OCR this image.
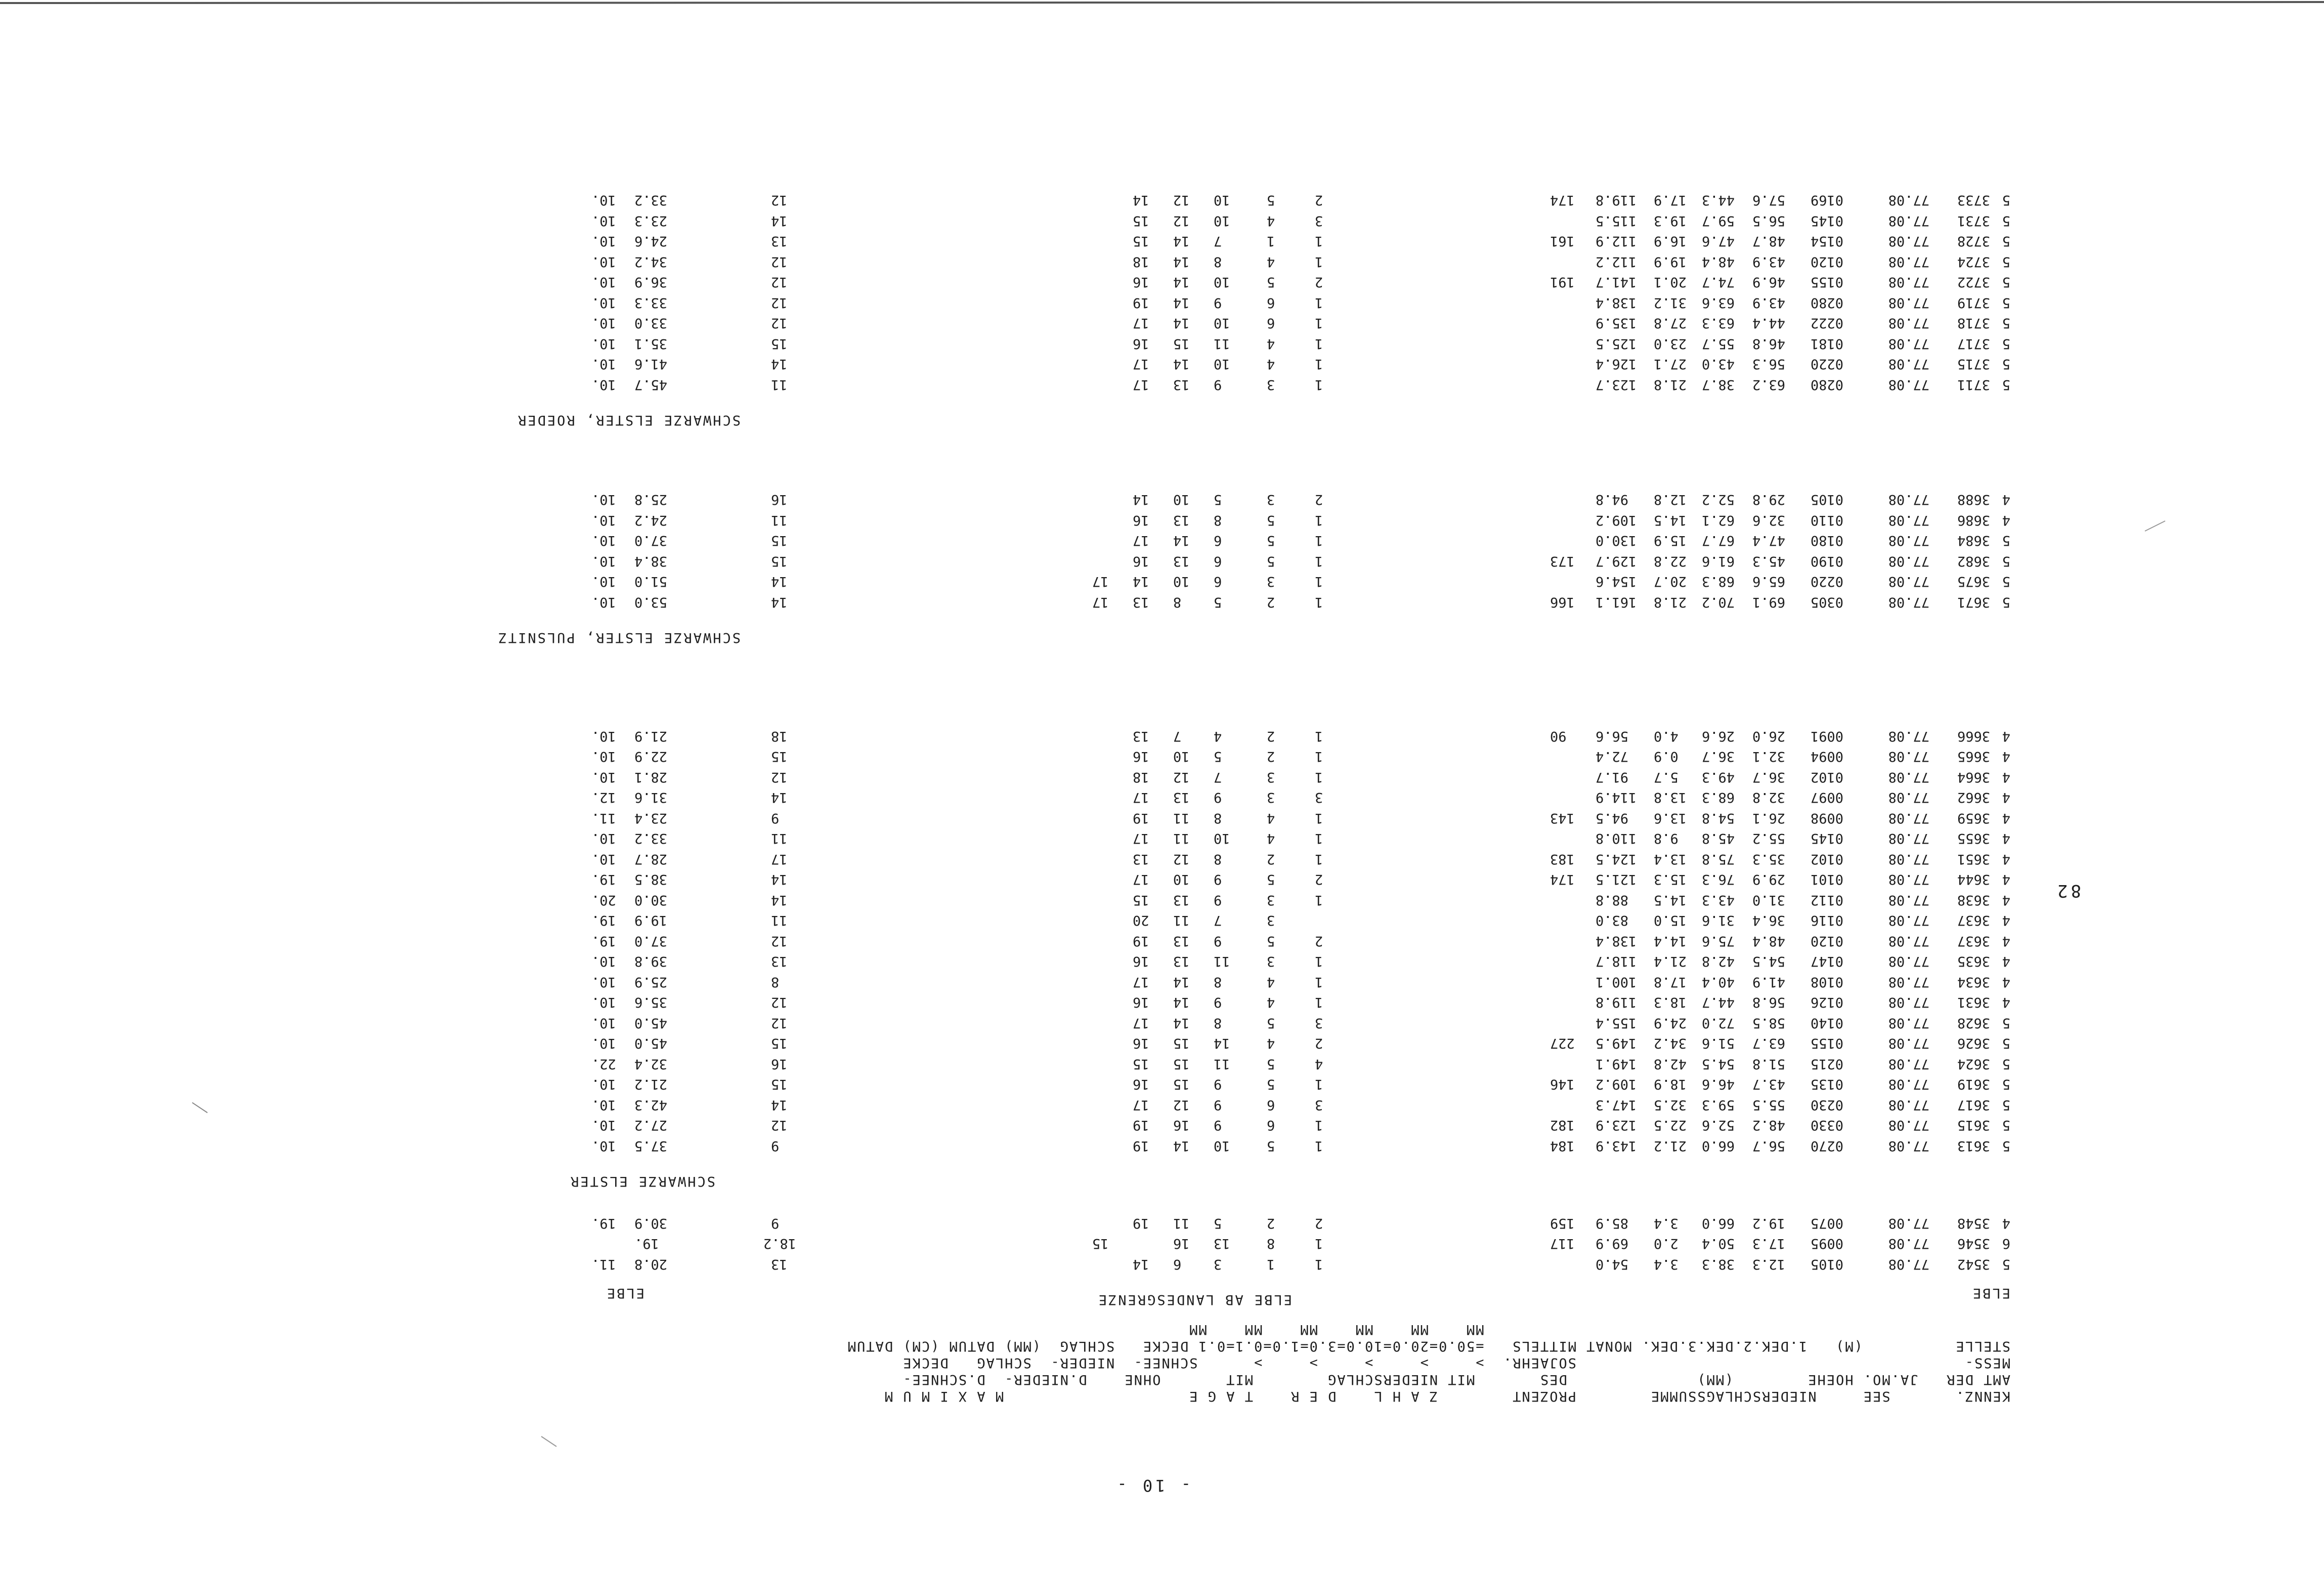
- 10 -
KENNZ.       SEE     NIEDERSCHLAGSSUMME        PROZENT        Z A H L    D E R    T A G E                    M A X I M U M
AMT DER   JA.MO. HOEHE        (MM)              DES       MIT NIEDERSCHLAG        MIT       OHNE    D.NIEDER-  D.SCHNEE-
MESS-                                          SOJAEHR.  >     >     >     >     >      SCHNEE-  NIEDER-  SCHLAG   DECKE
STELLE          (M)   1.DEK.2.DEK.3.DEK. MONAT MITTELS   =50.0=20.0=10.0=3.0=1.0=0.1=0.1 DECKE   SCHLAG  (MM) DATUM (CM) DATUM
MM    MM    MM    MM    MM    MM
ELBE
ELBE	ELBE AB LANDESGRENZE
5
3542
77.08
0105
12.3
38.3
3.4
54.0
1
1
3
6
14
13
20.8
11.
6
3546
77.08
0095
17.3
50.4
2.0
69.9
117
1
8
13
16
15
18.2
19.
4
3548
77.08
0075
19.2
66.0
3.4
85.9
159
2
2
5
11
19
9
30.9
19.
SCHWARZE ELSTER
5
3613
77.08
0270
56.7
66.0
21.2
143.9
184
1
5
10
14
19
9
37.5
10.
5
3615
77.08
0330
48.2
52.6
22.5
123.9
182
1
6
9
16
19
12
27.2
10.
5
3617
77.08
0230
55.5
59.3
32.5
147.3
3
6
9
12
17
14
42.3
10.
5
3619
77.08
0135
43.7
46.6
18.9
109.2
146
1
5
9
15
16
15
21.2
10.
5
3624
77.08
0215
51.8
54.5
42.8
149.1
4
5
11
15
15
16
32.4
22.
5
3626
77.08
0155
63.7
51.6
34.2
149.5
227
2
4
14
15
16
15
45.0
10.
5
3628
77.08
0140
58.5
72.0
24.9
155.4
3
5
8
14
17
12
45.0
10.
4
3631
77.08
0126
56.8
44.7
18.3
119.8
1
4
9
14
16
12
35.6
10.
4
3634
77.08
0108
41.9
40.4
17.8
100.1
1
4
8
14
17
8
25.9
10.
4
3635
77.08
0147
54.5
42.8
21.4
118.7
1
3
11
13
16
13
39.8
10.
4
3637
77.08
0120
48.4
75.6
14.4
138.4
2
5
9
13
19
12
37.0
19.
4
3637
77.08
0116
36.4
31.6
15.0
83.0
3
7
11
20
11
19.9
19.
4
3638
77.08
0112
31.0
43.3
14.5
88.8
1
3
9
13
15
14
30.0
20.
4
3644
77.08
0101
29.9
76.3
15.3
121.5
174
2
5
9
10
17
14
38.5
19.
4
3651
77.08
0102
35.3
75.8
13.4
124.5
183
1
2
8
12
13
17
28.7
10.
4
3655
77.08
0145
55.2
45.8
9.8
110.8
1
4
10
11
17
11
33.2
10.
4
3659
77.08
0098
26.1
54.8
13.6
94.5
143
1
4
8
11
19
9
23.4
11.
4
3662
77.08
0097
32.8
68.3
13.8
114.9
3
3
9
13
17
14
31.6
12.
4
3664
77.08
0102
36.7
49.3
5.7
91.7
1
3
7
12
18
12
28.1
10.
4
3665
77.08
0094
32.1
36.7
0.9
72.4
1
2
5
10
16
15
22.9
10.
4
3666
77.08
0091
26.0
26.6
4.0
56.6
90
1
2
4
7
13
18
21.9
10.
SCHWARZE ELSTER, PULSNITZ
5
3671
77.08
0305
69.1
70.2
21.8
161.1
166
1
2
5
8
13
17
14
53.0
10.
5
3675
77.08
0220
65.6
68.3
20.7
154.6
1
3
6
10
14
17
14
51.0
10.
5
3682
77.08
0190
45.3
61.6
22.8
129.7
173
1
5
6
13
16
15
38.4
10.
5
3684
77.08
0180
47.4
67.7
15.9
130.0
1
5
6
14
17
15
37.0
10.
4
3686
77.08
0110
32.6
62.1
14.5
109.2
1
5
8
13
16
11
24.2
10.
4
3688
77.08
0105
29.8
52.2
12.8
94.8
2
3
5
10
14
16
25.8
10.
SCHWARZE ELSTER, ROEDER
5
3711
77.08
0280
63.2
38.7
21.8
123.7
1
3
9
13
17
11
45.7
10.
5
3715
77.08
0220
56.3
43.0
27.1
126.4
1
4
10
14
17
14
41.6
10.
5
3717
77.08
0181
46.8
55.7
23.0
125.5
1
4
11
15
16
15
35.1
10.
5
3718
77.08
0222
44.4
63.3
27.8
135.9
1
6
10
14
17
12
33.0
10.
5
3719
77.08
0280
43.9
63.6
31.2
138.4
1
6
9
14
19
12
33.3
10.
5
3722
77.08
0155
46.9
74.7
20.1
141.7
191
2
5
10
14
16
12
36.9
10.
5
3724
77.08
0120
43.9
48.4
19.9
112.2
1
4
8
14
18
12
34.2
10.
5
3728
77.08
0154
48.7
47.6
16.9
112.9
161
1
1
7
14
15
13
24.6
10.
5
3731
77.08
0145
56.5
59.7
19.3
115.5
3
4
10
12
15
14
23.3
10.
5
3733
77.08
0169
57.6
44.3
17.9
119.8
174
2
5
10
12
14
12
33.2
10.
82
